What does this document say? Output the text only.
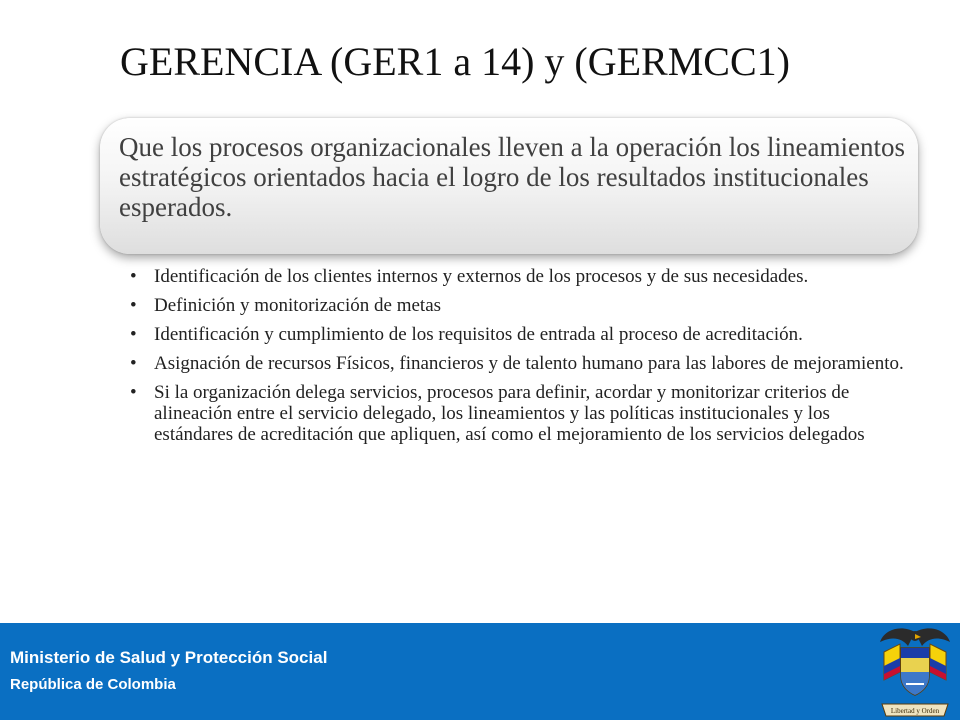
GERENCIA (GER1 a 14) y (GERMCC1)
Que los procesos organizacionales lleven a la operación los lineamientos estratégicos orientados hacia el logro de los resultados institucionales esperados.
• Identificación de los clientes internos y externos de los procesos y de sus necesidades.
• Definición y monitorización de metas
• Identificación y cumplimiento de los requisitos de entrada al proceso de acreditación.
• Asignación de recursos Físicos, financieros y de talento humano para las labores de mejoramiento.
• Si la organización delega servicios, procesos para definir, acordar y monitorizar criterios de alineación entre el servicio delegado, los lineamientos y las políticas institucionales y los estándares de acreditación que apliquen, así como el mejoramiento de los servicios delegados
Ministerio de Salud y Protección Social
República de Colombia
Libertad y Orden
